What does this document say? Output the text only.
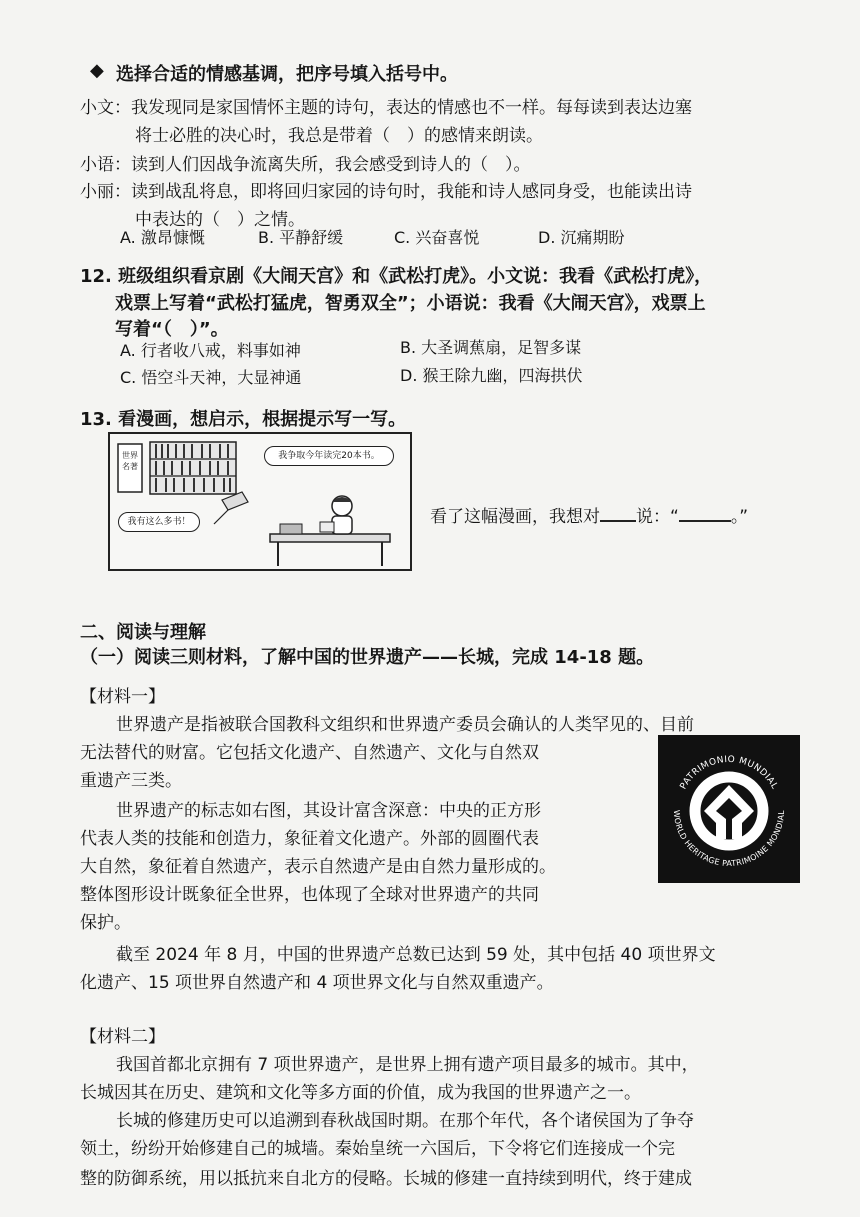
◆ 选择合适的情感基调，把序号填入括号中。
小文：我发现同是家国情怀主题的诗句，表达的情感也不一样。每每读到表达边塞
将士必胜的决心时，我总是带着（　）的感情来朗读。
小语：读到人们因战争流离失所，我会感受到诗人的（　）。
小丽：读到战乱将息，即将回归家园的诗句时，我能和诗人感同身受，也能读出诗
中表达的（　）之情。
A. 激昂慷慨	B. 平静舒缓	C. 兴奋喜悦	D. 沉痛期盼
12. 班级组织看京剧《大闹天宫》和《武松打虎》。小文说：我看《武松打虎》，
戏票上写着“武松打猛虎，智勇双全”；小语说：我看《大闹天宫》，戏票上
写着“（　）”。
A. 行者收八戒，料事如神	B. 大圣调蕉扇，足智多谋
C. 悟空斗天神，大显神通	D. 猴王除九幽，四海拱伏
13. 看漫画，想启示，根据提示写一写。
世界
名著
我争取今年读完20本书。
我有这么多书！	看了这幅漫画，我想对 说：“	。”
二、阅读与理解
（一）阅读三则材料，了解中国的世界遗产——长城，完成 14-18 题。
【材料一】
世界遗产是指被联合国教科文组织和世界遗产委员会确认的人类罕见的、目前
无法替代的财富。它包括文化遗产、自然遗产、文化与自然双
重遗产三类。
世界遗产的标志如右图，其设计富含深意：中央的正方形
代表人类的技能和创造力，象征着文化遗产。外部的圆圈代表
大自然，象征着自然遗产，表示自然遗产是由自然力量形成的。
整体图形设计既象征全世界，也体现了全球对世界遗产的共同
保护。
截至 2024 年 8 月，中国的世界遗产总数已达到 59 处，其中包括 40 项世界文
化遗产、15 项世界自然遗产和 4 项世界文化与自然双重遗产。
PATRIMONIO MUNDIAL
WORLD HERITAGE PATRIMOINE MONDIAL
【材料二】
我国首都北京拥有 7 项世界遗产，是世界上拥有遗产项目最多的城市。其中，
长城因其在历史、建筑和文化等多方面的价值，成为我国的世界遗产之一。
长城的修建历史可以追溯到春秋战国时期。在那个年代，各个诸侯国为了争夺
领土，纷纷开始修建自己的城墙。秦始皇统一六国后，下令将它们连接成一个完
整的防御系统，用以抵抗来自北方的侵略。长城的修建一直持续到明代，终于建成
